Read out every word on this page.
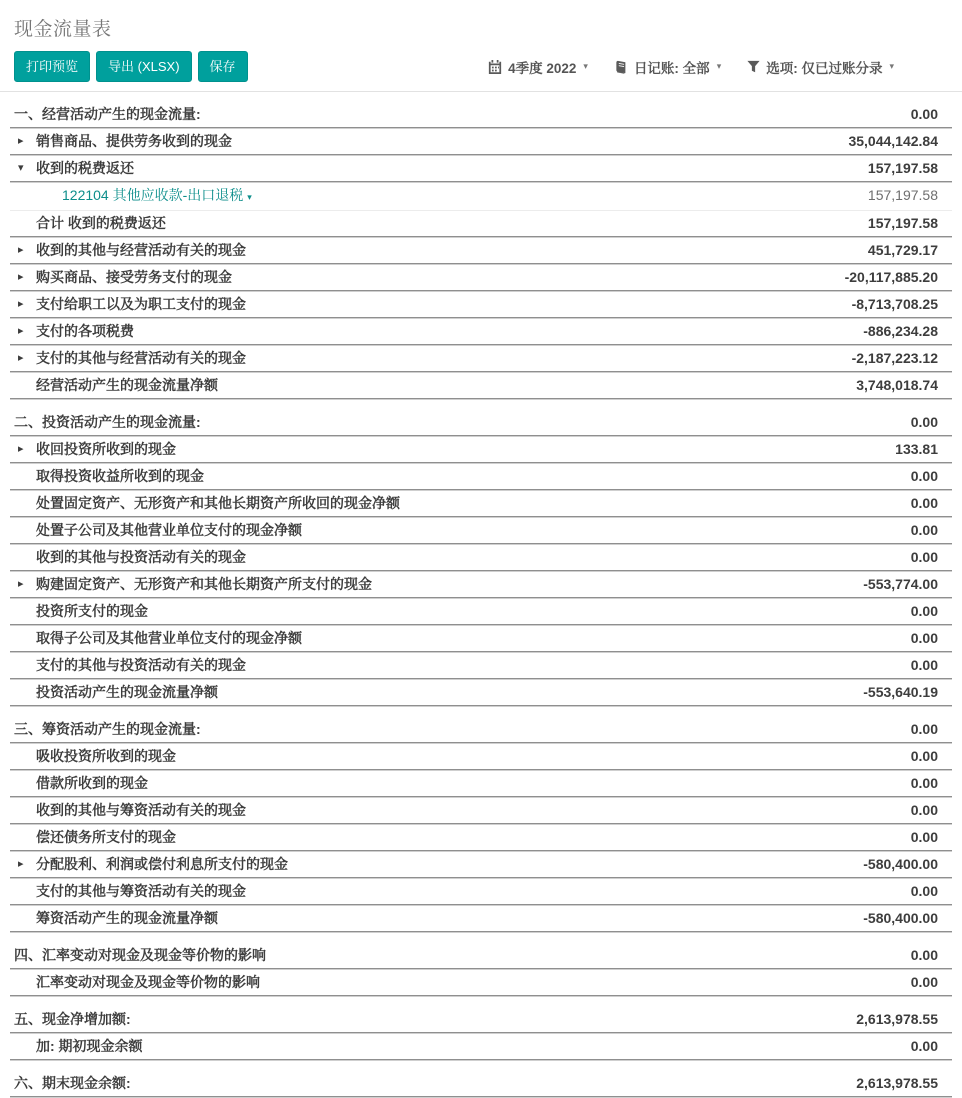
现金流量表
打印预览 导出 (XLSX) 保存	4季度 2022 ▾	日记账: 全部 ▾	选项: 仅已过账分录 ▾
一、经营活动产生的现金流量:	0.00
▸ 销售商品、提供劳务收到的现金	35,044,142.84
▾ 收到的税费返还	157,197.58
122104 其他应收款-出口退税 ▾	157,197.58
合计 收到的税费返还	157,197.58
▸ 收到的其他与经营活动有关的现金	451,729.17
▸ 购买商品、接受劳务支付的现金	-20,117,885.20
▸ 支付给职工以及为职工支付的现金	-8,713,708.25
▸ 支付的各项税费	-886,234.28
▸ 支付的其他与经营活动有关的现金	-2,187,223.12
经营活动产生的现金流量净额	3,748,018.74
二、投资活动产生的现金流量:	0.00
▸ 收回投资所收到的现金	133.81
取得投资收益所收到的现金	0.00
处置固定资产、无形资产和其他长期资产所收回的现金净额	0.00
处置子公司及其他营业单位支付的现金净额	0.00
收到的其他与投资活动有关的现金	0.00
▸ 购建固定资产、无形资产和其他长期资产所支付的现金	-553,774.00
投资所支付的现金	0.00
取得子公司及其他营业单位支付的现金净额	0.00
支付的其他与投资活动有关的现金	0.00
投资活动产生的现金流量净额	-553,640.19
三、筹资活动产生的现金流量:	0.00
吸收投资所收到的现金	0.00
借款所收到的现金	0.00
收到的其他与筹资活动有关的现金	0.00
偿还债务所支付的现金	0.00
▸ 分配股利、利润或偿付利息所支付的现金	-580,400.00
支付的其他与筹资活动有关的现金	0.00
筹资活动产生的现金流量净额	-580,400.00
四、汇率变动对现金及现金等价物的影响	0.00
汇率变动对现金及现金等价物的影响	0.00
五、现金净增加额:	2,613,978.55
加: 期初现金余额	0.00
六、期末现金余额:	2,613,978.55
